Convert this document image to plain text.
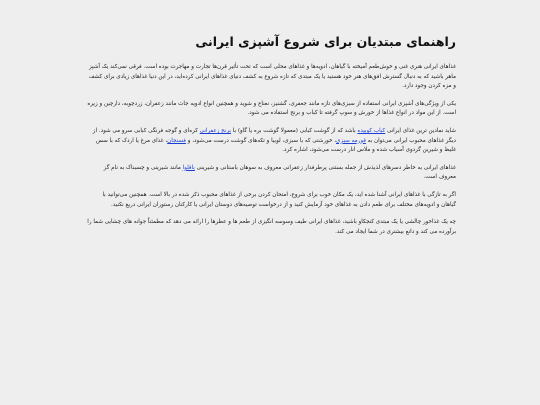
راهنمای مبتدیان برای شروع آشپزی ایرانی

غذاهای ایرانی هنری غنی و خوش‌طعم آمیخته با گیاهان، ادویه‌ها و غذاهای محلی است که تحت تأثیر قرن‌ها تجارت و مهاجرت بوده است. فرقی نمی‌کند یک آشپز ماهر باشید که به دنبال گسترش افق‌های هنر خود هستید یا یک مبتدی که تازه شروع به کشف دنیای غذاهای ایرانی کرده‌اید، در این دنیا غذاهای زیادی برای کشف و مزه کردن وجود دارد.

یکی از ویژگی‌های آشپزی ایرانی استفاده از سبزی‌های تازه مانند جعفری، گشنیز، نعناع و شوید و همچنین انواع ادویه جات مانند زعفران، زردچوبه، دارچین و زیره است. از این مواد در انواع غذاها از خورش و سوپ گرفته تا کباب و برنج استفاده می شود.

شاید نمادین ترین غذای ایرانی کباب کوبیده باشد که از گوشت کبابی (معمولا گوشت بره یا گاو) با برنج زعفرانی کره‌ای و گوجه فرنگی کبابی سرو می شود. از دیگر غذاهای محبوب ایرانی می‌توان به قورمه سبزی، خورشتی که با سبزی، لوبیا و تکه‌های گوشت درست می‌شود، و فسنجان، غذای مرغ یا اردک که با سس غلیظ و شیرین گردوی آسیاب شده و ملاس انار درست می‌شود، اشاره کرد.

غذاهای ایرانی به خاطر دسرهای لذیذش از جمله بستنی پرطرفدار زعفرانی معروف به سوهان باستانی و شیرینی باقلوا مانند شیرینی و چسبناک به نام گز معروف است.

اگر به تازگی با غذاهای ایرانی آشنا شده اید، یک مکان خوب برای شروع، امتحان کردن برخی از غذاهای محبوب ذکر شده در بالا است. همچنین می‌توانید با گیاهان و ادویه‌های مختلف برای طعم دادن به غذاهای خود آزمایش کنید و از درخواست توصیه‌های دوستان ایرانی یا کارکنان رستوران ایرانی دریغ نکنید.

چه یک غذاخور چالشی یا یک مبتدی کنجکاو باشید، غذاهای ایرانی طیف وسوسه انگیزی از طعم ها و عطرها را ارائه می دهد که مطمئناً جوانه های چشایی شما را برآورده می کند و دانع بیشتری در شما ایجاد می کند.
